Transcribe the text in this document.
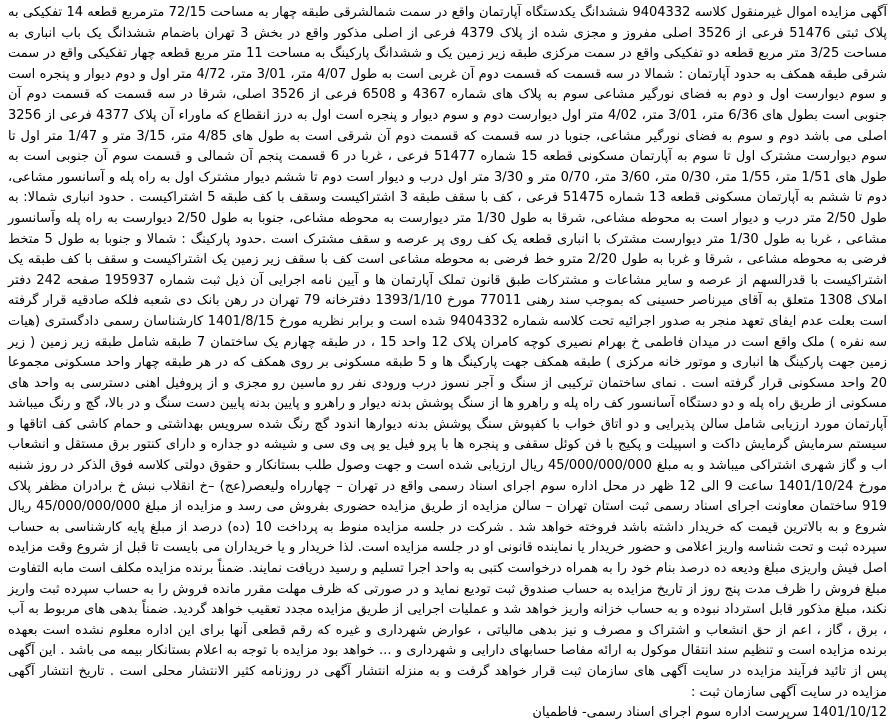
آگهی مزایده اموال غیرمنقول کلاسه 9404332 ششدانگ یکدستگاه آپارتمان واقع در سمت شمالشرقی طبقه چهار به مساحت 72/15 مترمربع قطعه 14 تفکیکی به پلاک ثبتی 51476 فرعی از 3526 اصلی مفروز و مجزی شده از پلاک 4379 فرعی از اصلی مذکور واقع در بخش 3 تهران باضمام ششدانگ یک باب انباری به مساحت 3/25 متر مربع قطعه دو تفکیکی واقع در سمت مرکزی طبقه زیر زمین یک و ششدانگ پارکینگ به مساحت 11 متر مربع قطعه چهار تفکیکی واقع در سمت شرقی طبقه همکف به حدود آپارتمان : شمالا در سه قسمت که قسمت دوم آن غربی است به طول 4/07 متر، 3/01 متر، 4/72 متر اول و دوم دیوار و پنجره است و سوم دیوارست اول و دوم به فضای نورگیر مشاعی سوم به پلاک های شماره 4367 و 6508 فرعی از 3526 اصلی، شرقا در سه قسمت که قسمت دوم آن جنوبی است بطول های 6/36 متر، 3/01 متر، 4/02 متر اول دیوارست دوم و سوم دیوار و پنجره است اول به درز انقطاع که ماوراء آن پلاک 4377 فرعی از 3256 اصلی می باشد دوم و سوم به فضای نورگیر مشاعی، جنوبا در سه قسمت که قسمت دوم آن شرقی است به طول های 4/85 متر، 3/15 متر و 1/47 متر اول تا سوم دیوارست مشترک اول تا سوم به آپارتمان مسکونی قطعه 15 شماره 51477 فرعی ، غربا در 6 قسمت پنجم آن شمالی و قسمت سوم آن جنوبی است به طول های 1/51 متر، 1/55 متر، 0/30 متر، 3/60 متر، 0/70 متر و 3/30 متر اول درب و دیوار است دوم تا ششم دیوار مشترک اول به راه پله و آسانسور مشاعی، دوم تا ششم به آپارتمان مسکونی قطعه 13 شماره 51475 فرعی ، کف با سقف طبقه 3 اشتراکیست وسقف با کف طبقه 5 اشتراکیست . حدود انباری شمالا: به طول 2/50 متر درب و دیوار است به محوطه مشاعی، شرقا به طول 1/30 متر دیوارست به محوطه مشاعی، جنوبا به طول 2/50 دیوارست به راه پله وآسانسور مشاعی ، غربا به طول 1/30 متر دیوارست مشترک با انباری قطعه یک کف روی پر عرصه و سقف مشترک است .حدود پارکینگ : شمالا و جنوبا به طول 5 متخط فرضی به محوطه مشاعی ، شرقا و غربا به طول 2/20 مترو خط فرضی به محوطه مشاعی است کف با سقف زیر زمین یک اشتراکیست و سقف با کف طبقه یک اشتراکیست با قدرالسهم از عرصه و سایر مشاعات و مشترکات طبق قانون تملک آپارتمان ها و آیین نامه اجرایی آن ذیل ثبت شماره 195937 صفحه 242 دفتر املاک 1308 متعلق به آقای میرناصر حسینی که بموجب سند رهنی 77011 مورخ 1393/1/10 دفترخانه 79 تهران در رهن بانک دی شعبه فلکه صادقیه قرار گرفته است بعلت عدم ایفای تعهد منجر به صدور اجرائیه تحت کلاسه شماره 9404332 شده است و برابر نظریه مورخ 1401/8/15 کارشناسان رسمی دادگستری (هیات سه نفره ) ملک واقع است در میدان فاطمی خ بهرام نصیری کوچه کامران پلاک 12 واحد 15 ، در طبقه چهارم یک ساختمان 7 طبقه شامل طبقه زیر زمین ( زیر زمین جهت پارکینگ ها انباری و موتور خانه مرکزی ) طبقه همکف جهت پارکینگ ها و 5 طبقه مسکونی بر روی همکف که در هر طبقه چهار واحد مسکونی مجموعا 20 واحد مسکونی قرار گرفته است . نمای ساختمان ترکیبی از سنگ و آجر نسوز درب ورودی نفر رو ماسین رو مجزی و از پروفیل اهنی دسترسی به واحد های مسکونی از طریق راه پله و دو دستگاه آسانسور کف راه پله و راهرو ها از سنگ پوشش بدنه دیوار و راهرو و پایین بدنه پایین دست سنگ و در بالا، گچ و رنگ میباشد آپارتمان مورد ارزیابی شامل سالن پذیرایی و دو اتاق خواب با کفپوش سنگ پوشش بدنه دیوارها اندود گچ رنگ شده سرویس بهداشتی و حمام کاشی کف اتاقها و سیستم سرمایش گرمایش داکت و اسپیلت و پکیج با فن کوئل سقفی و پنجره ها با پرو فیل یو پی وی سی و شیشه دو جداره و دارای کنتور برق مستقل و انشعاب اب و گاز شهری اشتراکی میباشد و به مبلغ 45/000/000/000 ریال ارزیابی شده است و جهت وصول طلب بستانکار و حقوق دولتی کلاسه فوق الذکر در روز شنبه مورخ 1401/10/24 ساعت 9 الی 12 ظهر در محل اداره سوم اجرای اسناد رسمی واقع در تهران – چهارراه ولیعصر(عج) –خ انقلاب نبش خ برادران مظفر پلاک 919 ساختمان معاونت اجرای اسناد رسمی ثبت استان تهران – سالن مزایده از طریق مزایده حضوری بفروش می رسد و مزایده از مبلغ 45/000/000/000 ریال شروع و به بالاترین قیمت که خریدار داشته باشد فروخته خواهد شد . شرکت در جلسه مزایده منوط به پرداخت 10 (ده) درصد از مبلغ پایه کارشناسی به حساب سپرده ثبت و تحت شناسه واریز اعلامی و حضور خریدار یا نماینده قانونی او در جلسه مزایده است. لذا خریدار و یا خریداران می بایست تا قبل از شروع وقت مزایده اصل فیش واریزی مبلغ ودیعه ده درصد بنام خود را به همراه درخواست کتبی به واحد اجرا تسلیم و رسید دریافت نمایند. ضمناً برنده مزایده مکلف است مابه التفاوت مبلغ فروش را ظرف مدت پنج روز از تاریخ مزایده به حساب صندوق ثبت تودیع نماید و در صورتی که ظرف مهلت مقرر مانده فروش را به حساب سپرده ثبت واریز نکند، مبلغ مذکور قابل استرداد نبوده و به حساب خزانه واریز خواهد شد و عملیات اجرایی از طریق مزایده مجدد تعقیب خواهد گردید. ضمناً بدهی های مربوط به آب ، برق ، گاز ، اعم از حق انشعاب و اشتراک و مصرف و نیز بدهی مالیاتی ، عوارض شهرداری و غیره که رقم قطعی آنها برای این اداره معلوم نشده است بعهده برنده مزایده است و تنظیم سند انتقال موکول به ارائه مفاصا حسابهای دارایی و شهرداری و ... خواهد بود مزایده با توجه به اعلام بستانکار بیمه می باشد . این آگهی پس از تائید فرآیند مزایده در سایت آگهی های سازمان ثبت قرار خواهد گرفت و به منزله انتشار آگهی در روزنامه کثیر الانتشار محلی است . تاریخ انتشار آگهی مزایده در سایت آگهی سازمان ثبت :

1401/10/12 سرپرست اداره سوم اجرای اسناد رسمی- فاطمیان
